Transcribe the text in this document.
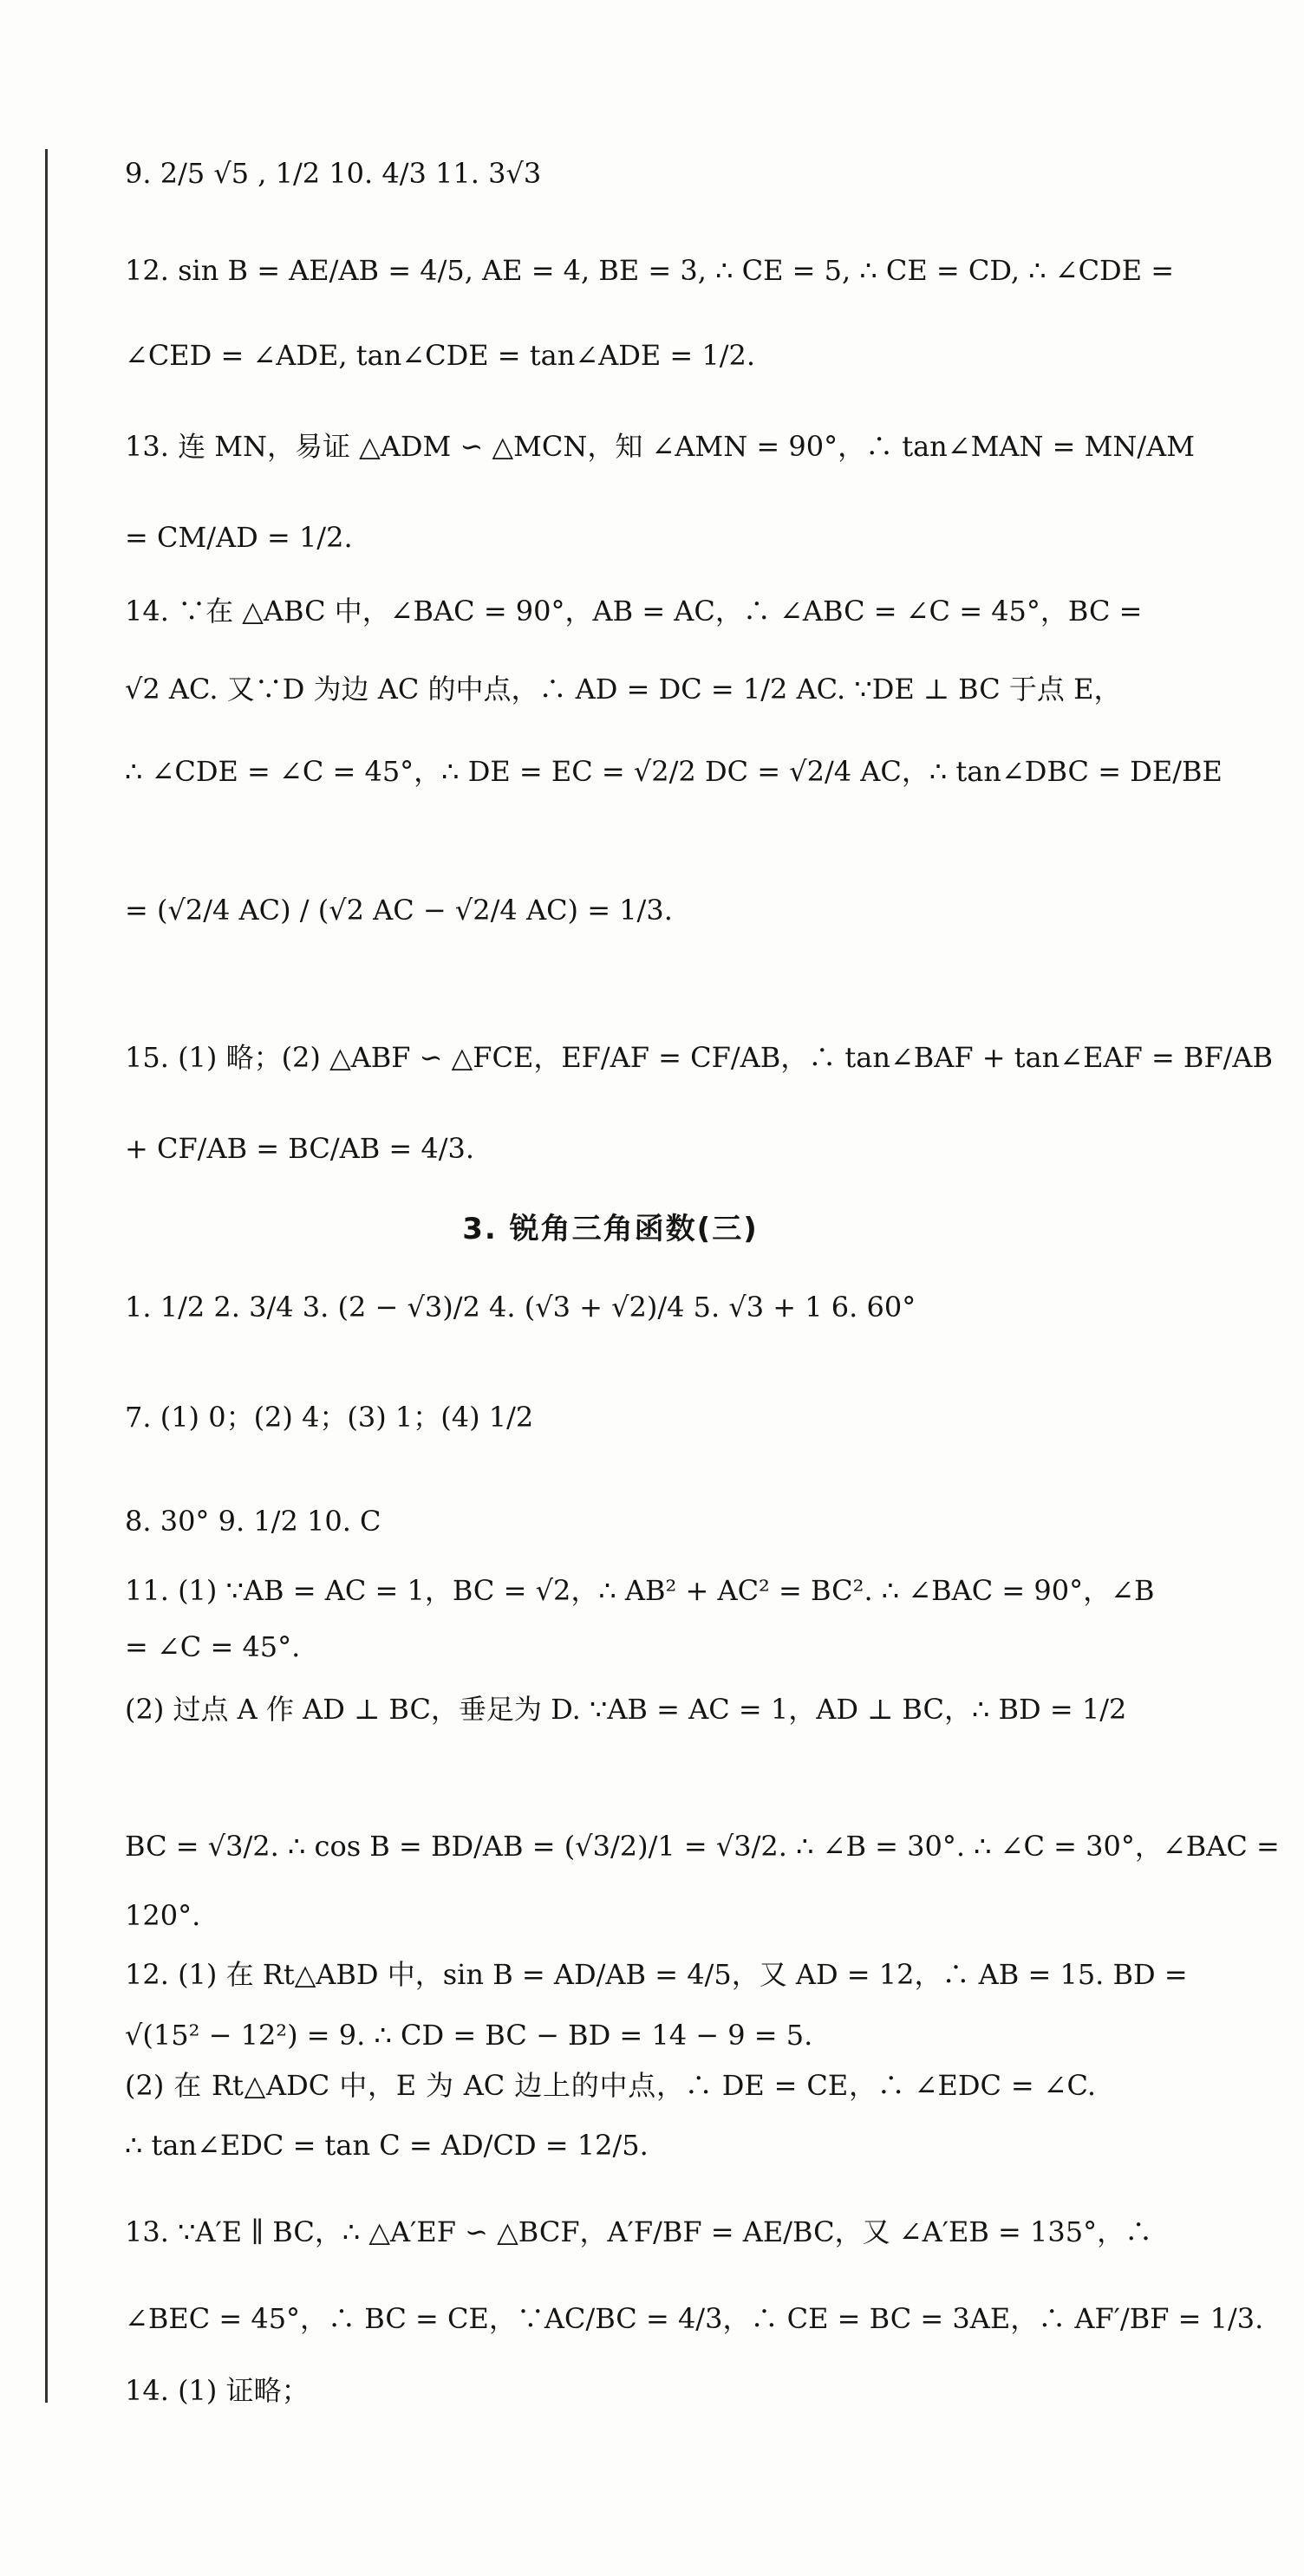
3. 锐角三角函数(三)
9. 2/5 √5 , 1/2 10. 4/3 11. 3√3
12. sin B = AE/AB = 4/5, AE = 4, BE = 3, ∴ CE = 5, ∴ CE = CD, ∴ ∠CDE =
∠CED = ∠ADE, tan∠CDE = tan∠ADE = 1/2.
13. 连 MN，易证 △ADM ∽ △MCN，知 ∠AMN = 90°，∴ tan∠MAN = MN/AM
= CM/AD = 1/2.
14. ∵在 △ABC 中，∠BAC = 90°，AB = AC，∴ ∠ABC = ∠C = 45°，BC =
√2 AC. 又∵D 为边 AC 的中点，∴ AD = DC = 1/2 AC. ∵DE ⊥ BC 于点 E，
∴ ∠CDE = ∠C = 45°，∴ DE = EC = √2/2 DC = √2/4 AC，∴ tan∠DBC = DE/BE
= (√2/4 AC) / (√2 AC − √2/4 AC) = 1/3.
15. (1) 略；(2) △ABF ∽ △FCE，EF/AF = CF/AB，∴ tan∠BAF + tan∠EAF = BF/AB
+ CF/AB = BC/AB = 4/3.
1. 1/2 2. 3/4 3. (2 − √3)/2 4. (√3 + √2)/4 5. √3 + 1 6. 60°
7. (1) 0；(2) 4；(3) 1；(4) 1/2
8. 30° 9. 1/2 10. C
11. (1) ∵AB = AC = 1，BC = √2，∴ AB² + AC² = BC². ∴ ∠BAC = 90°，∠B
= ∠C = 45°.
(2) 过点 A 作 AD ⊥ BC，垂足为 D. ∵AB = AC = 1，AD ⊥ BC，∴ BD = 1/2
BC = √3/2. ∴ cos B = BD/AB = (√3/2)/1 = √3/2. ∴ ∠B = 30°. ∴ ∠C = 30°，∠BAC =
120°.
12. (1) 在 Rt△ABD 中，sin B = AD/AB = 4/5，又 AD = 12，∴ AB = 15. BD =
√(15² − 12²) = 9. ∴ CD = BC − BD = 14 − 9 = 5.
(2) 在 Rt△ADC 中，E 为 AC 边上的中点，∴ DE = CE，∴ ∠EDC = ∠C.
∴ tan∠EDC = tan C = AD/CD = 12/5.
13. ∵A′E ∥ BC，∴ △A′EF ∽ △BCF，A′F/BF = AE/BC，又 ∠A′EB = 135°，∴
∠BEC = 45°，∴ BC = CE，∵AC/BC = 4/3，∴ CE = BC = 3AE，∴ AF′/BF = 1/3.
14. (1) 证略；
